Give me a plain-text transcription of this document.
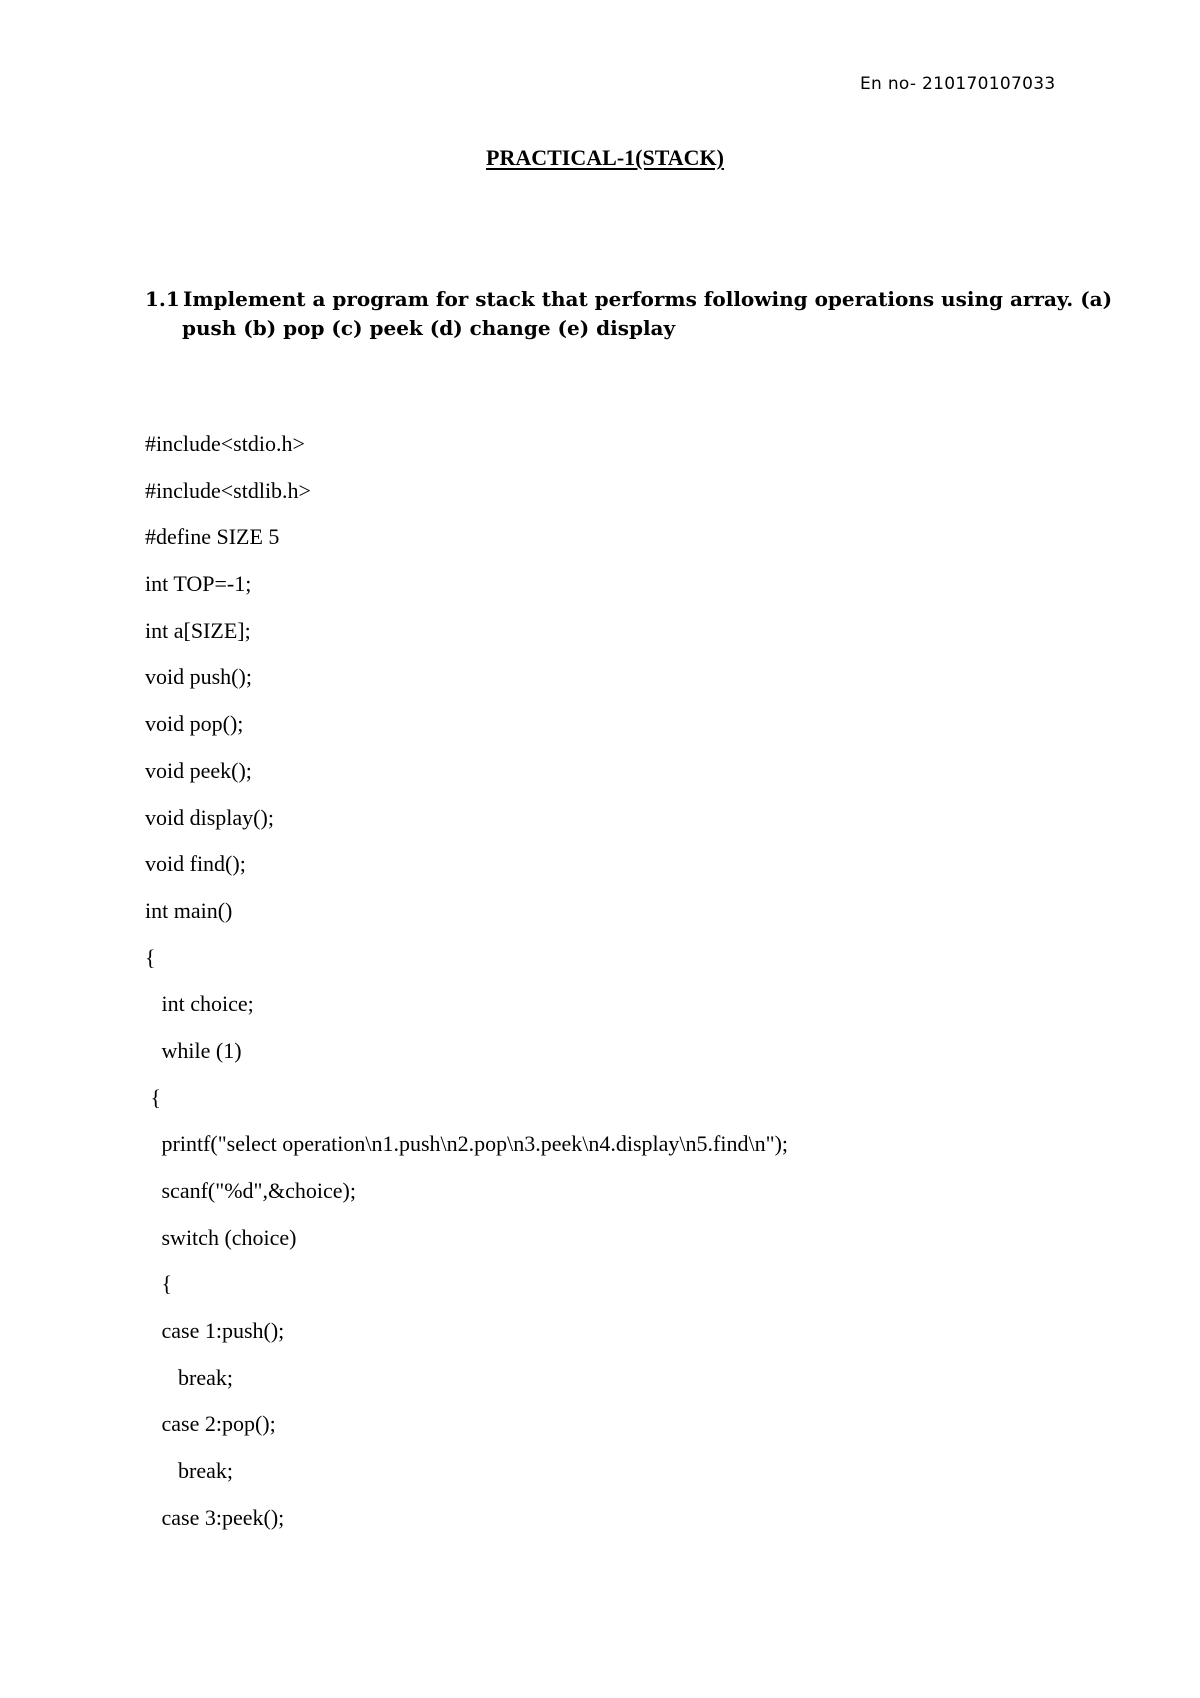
En no- 210170107033
PRACTICAL-1(STACK)
1.1 Implement a program for stack that performs following operations using array. (a)
push (b) pop (c) peek (d) change (e) display
#include<stdio.h>
#include<stdlib.h>
#define SIZE 5
int TOP=-1;
int a[SIZE];
void push();
void pop();
void peek();
void display();
void find();
int main()
{
int choice;
while (1)
{
printf("select operation\n1.push\n2.pop\n3.peek\n4.display\n5.find\n");
scanf("%d",&choice);
switch (choice)
{
case 1:push();
break;
case 2:pop();
break;
case 3:peek();
